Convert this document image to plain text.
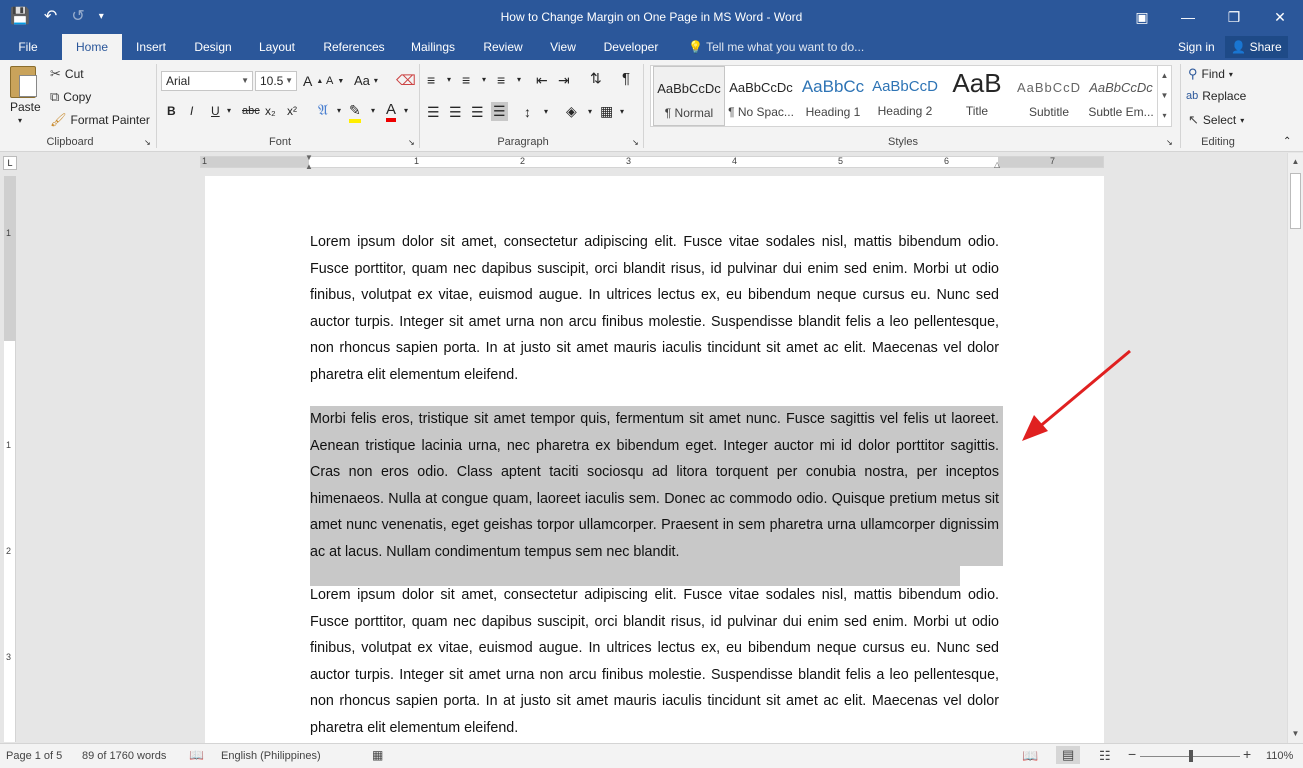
💾 ↶ ↺ ▾	How to Change Margin on One Page in MS Word - Word	▣	—	❐	✕
File	Home	Insert	Design	Layout	References	Mailings	Review	View	Developer	💡 Tell me what you want to do...	Sign in	👤 Share
Paste
▾
✂ Cut
⧉ Copy
🖌 Format Painter
Clipboard	↘
Arial	▼ 10.5 ▼ A ▲ A ▼ Aa ▾ ⌫
B I U ▾ abc x₂ x² 𝔄 ▾ ✎ ▾ A ▾
Font	↘
≡ ▾ ≡ ▾ ≡ ▾ ⇤ ⇥ ⇅ ¶
☰ ☰ ☰ ☰ ↕ ▾ ◈ ▾ ▦ ▾
Paragraph	↘
AaBbCcDc
¶ Normal
AaBbCcDc
¶ No Spac...
AaBbCc
Heading 1
AaBbCcD
Heading 2
AaB
Title
AaBbCcD
Subtitle
AaBbCcDc
Subtle Em...
▲
▼
▾
Styles	↘
⚲ Find ▾
ab Replace
↖ Select ▾
Editing	⌃
L	1	1	2	3	4	5	6	7
▼
▲	△
1
1
2
3
Lorem ipsum dolor sit amet, consectetur adipiscing elit. Fusce vitae sodales nisl, mattis bibendum odio. Fusce porttitor, quam nec dapibus suscipit, orci blandit risus, id pulvinar dui enim sed enim. Morbi ut odio finibus, volutpat ex vitae, euismod augue. In ultrices lectus ex, eu bibendum neque cursus eu. Nunc sed auctor turpis. Integer sit amet urna non arcu finibus molestie. Suspendisse blandit felis a leo pellentesque, non rhoncus sapien porta. In at justo sit amet mauris iaculis tincidunt sit amet ac elit. Maecenas vel dolor pharetra elit elementum eleifend.
Morbi felis eros, tristique sit amet tempor quis, fermentum sit amet nunc. Fusce sagittis vel felis ut laoreet. Aenean tristique lacinia urna, nec pharetra ex bibendum eget. Integer auctor mi id dolor porttitor sagittis. Cras non eros odio. Class aptent taciti sociosqu ad litora torquent per conubia nostra, per inceptos himenaeos. Nulla at congue quam, laoreet iaculis sem. Donec ac commodo odio. Quisque pretium metus sit amet nunc venenatis, eget geishas torpor ullamcorper. Praesent in sem pharetra urna ullamcorper dignissim ac at lacus. Nullam condimentum tempus sem nec blandit.
Lorem ipsum dolor sit amet, consectetur adipiscing elit. Fusce vitae sodales nisl, mattis bibendum odio. Fusce porttitor, quam nec dapibus suscipit, orci blandit risus, id pulvinar dui enim sed enim. Morbi ut odio finibus, volutpat ex vitae, euismod augue. In ultrices lectus ex, eu bibendum neque cursus eu. Nunc sed auctor turpis. Integer sit amet urna non arcu finibus molestie. Suspendisse blandit felis a leo pellentesque, non rhoncus sapien porta. In at justo sit amet mauris iaculis tincidunt sit amet ac elit. Maecenas vel dolor pharetra elit elementum eleifend.
▲
▼
Page 1 of 5 89 of 1760 words 📖 English (Philippines)	▦	📖	▤	☷ −	+ 110%
